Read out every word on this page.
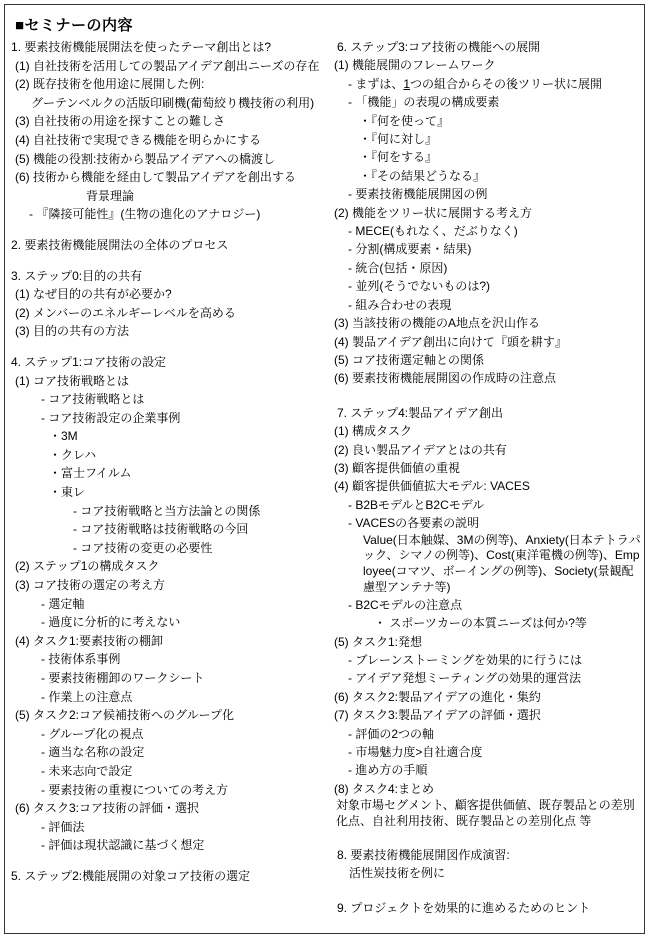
■セミナーの内容
1. 要素技術機能展開法を使ったテーマ創出とは?
(1) 自社技術を活用しての製品アイデア創出ニーズの存在
(2) 既存技術を他用途に展開した例:
グーテンベルクの活版印刷機(葡萄絞り機技術の利用)
(3) 自社技術の用途を探すことの難しさ
(4) 自社技術で実現できる機能を明らかにする
(5) 機能の役割:技術から製品アイデアへの橋渡し
(6) 技術から機能を経由して製品アイデアを創出する
背景理論
- 『隣接可能性』(生物の進化のアナロジー)
2. 要素技術機能展開法の全体のプロセス
3. ステップ0:目的の共有
(1) なぜ目的の共有が必要か?
(2) メンバーのエネルギーレベルを高める
(3) 目的の共有の方法
4. ステップ1:コア技術の設定
(1) コア技術戦略とは
- コア技術戦略とは
- コア技術設定の企業事例
・3M
・クレハ
・富士フイルム
・東レ
- コア技術戦略と当方法論との関係
- コア技術戦略は技術戦略の今回
- コア技術の変更の必要性
(2) ステップ1の構成タスク
(3) コア技術の選定の考え方
- 選定軸
- 過度に分析的に考えない
(4) タスク1:要素技術の棚卸
- 技術体系事例
- 要素技術棚卸のワークシート
- 作業上の注意点
(5) タスク2:コア候補技術へのグループ化
- グループ化の視点
- 適当な名称の設定
- 未来志向で設定
- 要素技術の重複についての考え方
(6) タスク3:コア技術の評価・選択
- 評価法
- 評価は現状認識に基づく想定
5. ステップ2:機能展開の対象コア技術の選定
6. ステップ3:コア技術の機能への展開
(1) 機能展開のフレームワーク
- まずは、1つの組合からその後ツリー状に展開
- 「機能」の表現の構成要素
・『何を使って』
・『何に対し』
・『何をする』
・『その結果どうなる』
- 要素技術機能展開図の例
(2) 機能をツリー状に展開する考え方
- MECE(もれなく、だぶりなく)
- 分割(構成要素・結果)
- 統合(包括・原因)
- 並列(そうでないものは?)
- 組み合わせの表現
(3) 当該技術の機能のA地点を沢山作る
(4) 製品アイデア創出に向けて『頭を耕す』
(5) コア技術選定軸との関係
(6) 要素技術機能展開図の作成時の注意点
7. ステップ4:製品アイデア創出
(1) 構成タスク
(2) 良い製品アイデアとはの共有
(3) 顧客提供価値の重視
(4) 顧客提供価値拡大モデル: VACES
- B2BモデルとB2Cモデル
- VACESの各要素の説明
Value(日本触媒、3Mの例等)、Anxiety(日本テトラパック、シマノの例等)、Cost(東洋電機の例等)、Employee(コマツ、ボーイングの例等)、Society(景観配慮型アンテナ等)
- B2Cモデルの注意点
・ スポーツカーの本質ニーズは何か?等
(5) タスク1:発想
- ブレーンストーミングを効果的に行うには
- アイデア発想ミーティングの効果的運営法
(6) タスク2:製品アイデアの進化・集約
(7) タスク3:製品アイデアの評価・選択
- 評価の2つの軸
- 市場魅力度>自社適合度
- 進め方の手順
(8) タスク4:まとめ
対象市場セグメント、顧客提供価値、既存製品との差別化点、自社利用技術、既存製品との差別化点 等
8. 要素技術機能展開図作成演習:
活性炭技術を例に
9. プロジェクトを効果的に進めるためのヒント
